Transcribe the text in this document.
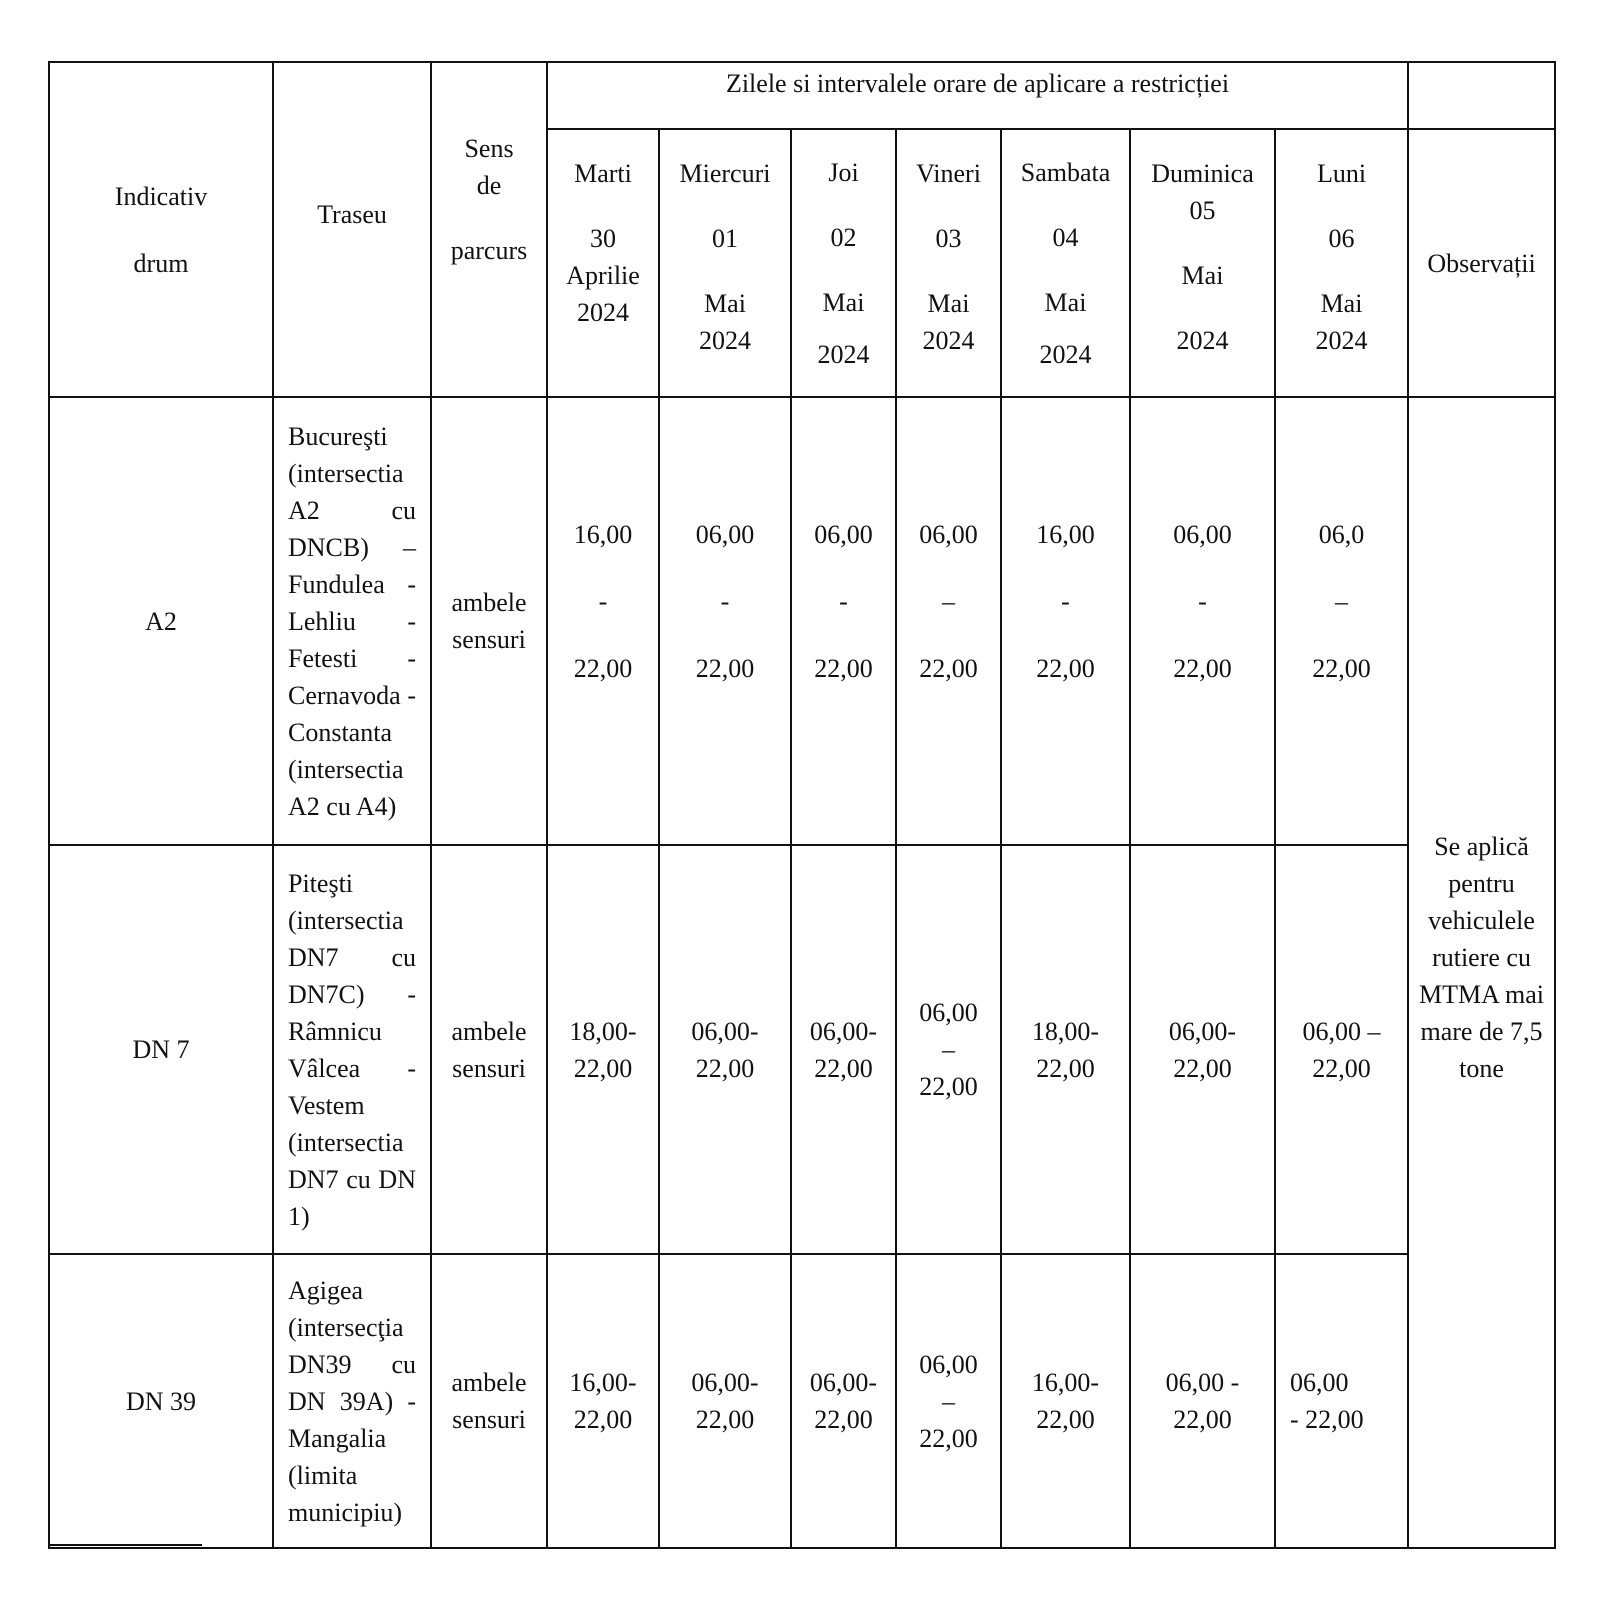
Indicativ
drum	Traseu	Sens
de
parcurs	Zilele si intervalele orare de aplicare a restricției							

			Marti
30
Aprilie
2024	Miercuri
01
Mai
2024	Joi
02
Mai
2024	Vineri
03
Mai
2024	Sambata
04
Mai
2024	Duminica
05
Mai
2024	Luni
06
Mai
2024	Observații
A2	Bucureşti (intersectia A2 cu DNCB) – Fundulea - Lehliu - Fetesti - Cernavoda -Constanta (intersectia A2 cu A4)	ambele
sensuri	16,00
-
22,00	06,00
-
22,00	06,00
-
22,00	06,00
–
22,00	16,00
-
22,00	06,00
-
22,00	06,0
–
22,00	Se aplică pentru vehiculele rutiere cu MTMA mai mare de 7,5 tone

DN 7	Piteşti (intersectia DN7 cu DN7C) - Râmnicu Vâlcea - Vestem (intersectia DN7 cu DN 1)	ambele
sensuri	18,00-
22,00	06,00-
22,00	06,00-
22,00	06,00
–
22,00	18,00-
22,00	06,00-
22,00	06,00 –
22,00	

DN 39	Agigea (intersecţia DN39 cu DN 39A) - Mangalia (limita municipiu)	ambele
sensuri	16,00-
22,00	06,00-
22,00	06,00-
22,00	06,00
–
22,00	16,00-
22,00	06,00 -
22,00	06,00
- 22,00	
